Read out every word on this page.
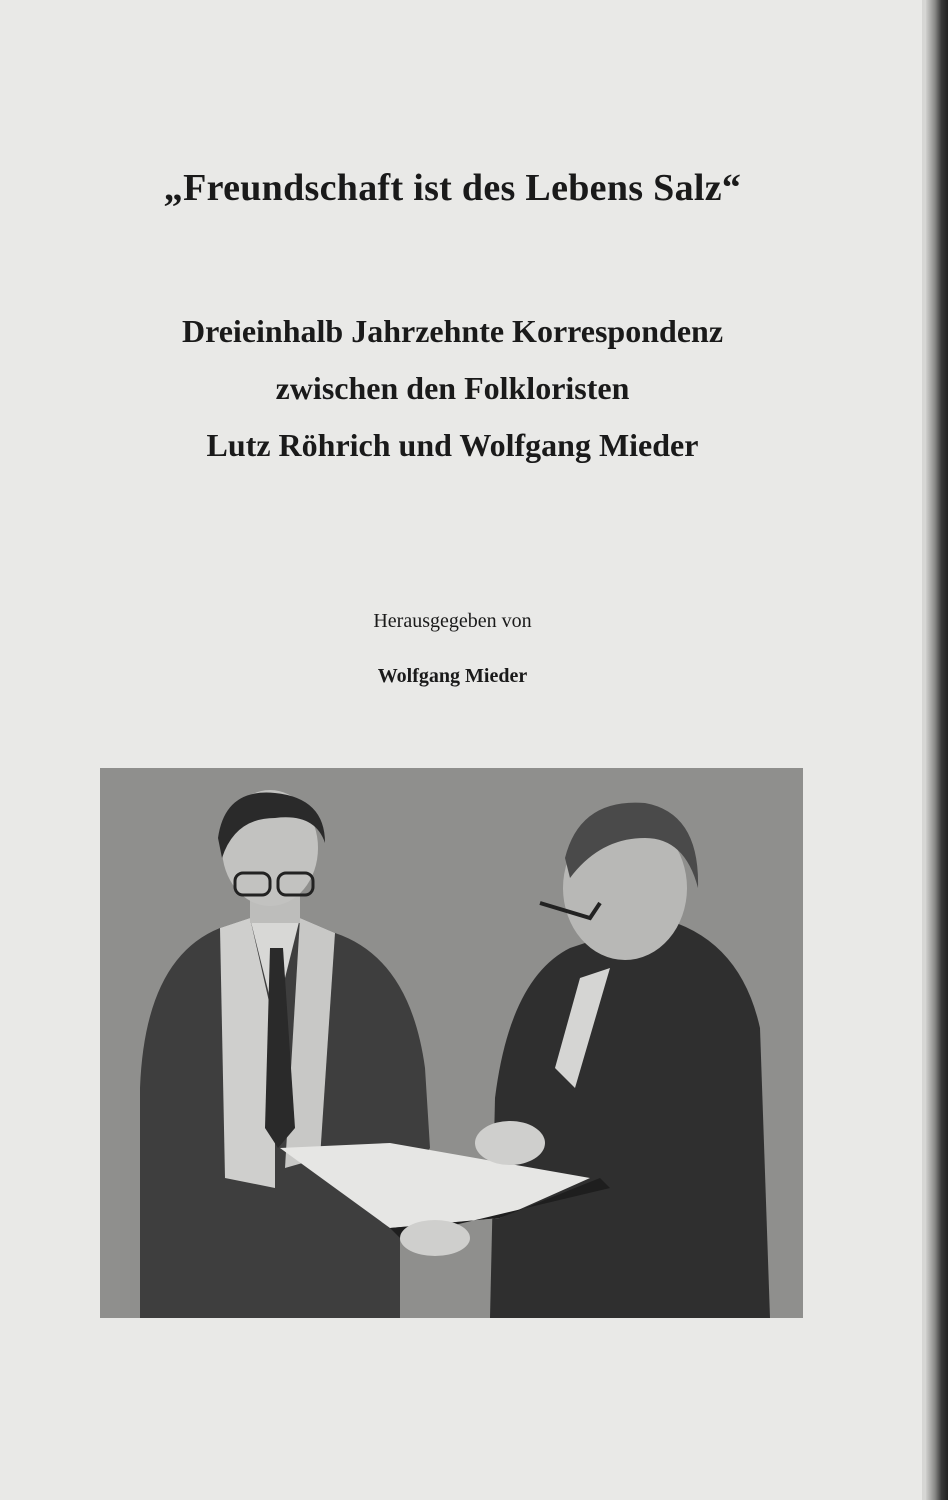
„Freundschaft ist des Lebens Salz“
Dreieinhalb Jahrzehnte Korrespondenz
zwischen den Folkloristen
Lutz Röhrich und Wolfgang Mieder
Herausgegeben von
Wolfgang Mieder
